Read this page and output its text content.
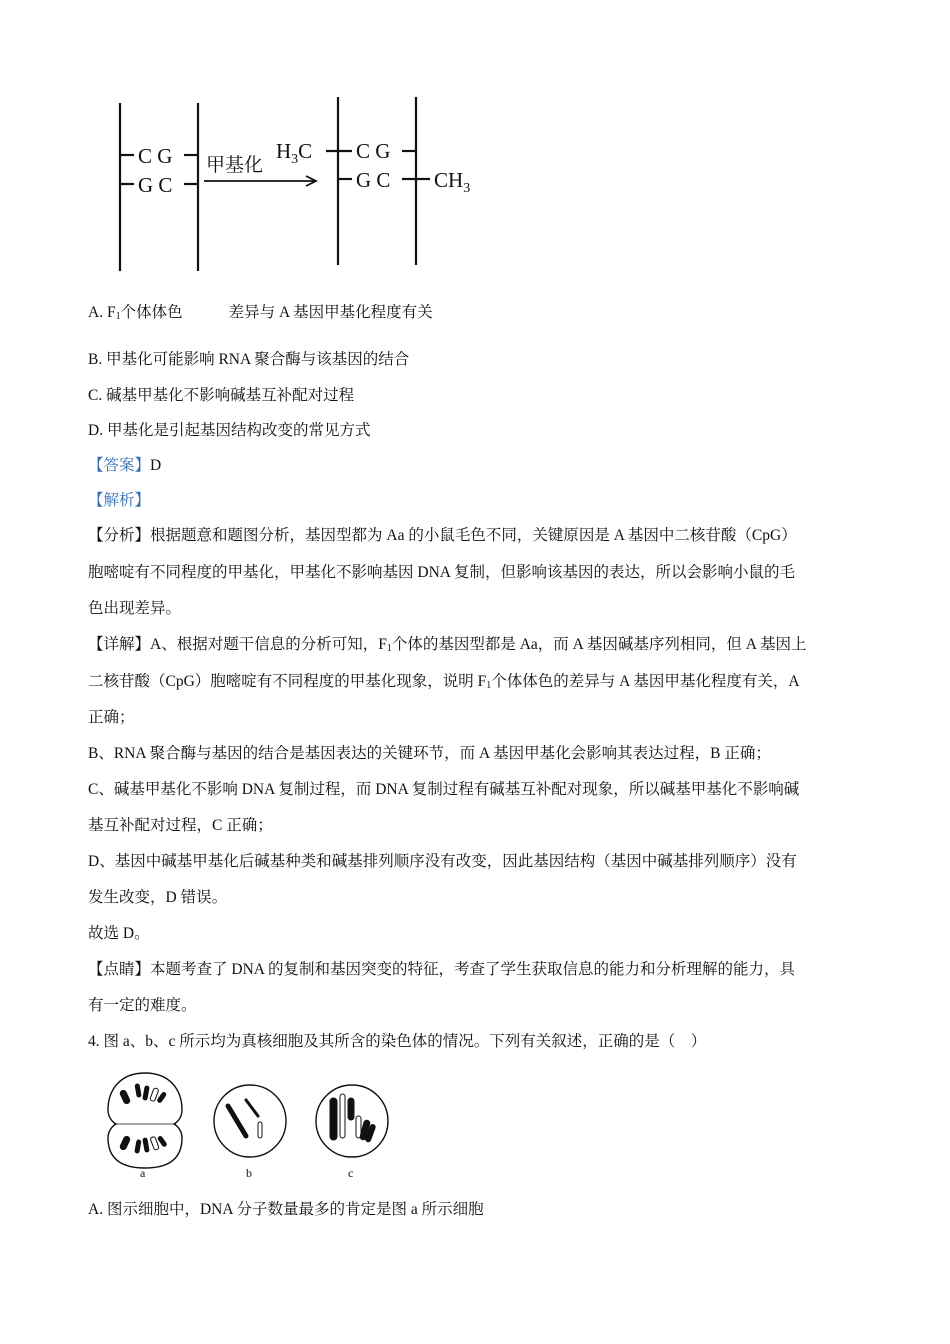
C G
G C
甲基化
$H_3C$ C G
G C $CH_3$
A. $F_1$个体体色	差异与 A 基因甲基化程度有关
B. 甲基化可能影响 RNA 聚合酶与该基因的结合
C. 碱基甲基化不影响碱基互补配对过程
D. 甲基化是引起基因结构改变的常见方式
【答案】D
【解析】
【分析】根据题意和题图分析，基因型都为 Aa 的小鼠毛色不同，关键原因是 A 基因中二核苷酸（CpG）
胞嘧啶有不同程度的甲基化，甲基化不影响基因 DNA 复制，但影响该基因的表达，所以会影响小鼠的毛
色出现差异。
【详解】A、根据对题干信息的分析可知，$F_1$个体的基因型都是 Aa，而 A 基因碱基序列相同，但 A 基因上
二核苷酸（CpG）胞嘧啶有不同程度的甲基化现象，说明 $F_1$个体体色的差异与 A 基因甲基化程度有关，A
正确；
B、RNA 聚合酶与基因的结合是基因表达的关键环节，而 A 基因甲基化会影响其表达过程，B 正确；
C、碱基甲基化不影响 DNA 复制过程，而 DNA 复制过程有碱基互补配对现象，所以碱基甲基化不影响碱
基互补配对过程，C 正确；
D、基因中碱基甲基化后碱基种类和碱基排列顺序没有改变，因此基因结构（基因中碱基排列顺序）没有
发生改变，D 错误。
故选 D。
【点睛】本题考查了 DNA 的复制和基因突变的特征，考查了学生获取信息的能力和分析理解的能力，具
有一定的难度。
4. 图 a、b、c 所示均为真核细胞及其所含的染色体的情况。下列有关叙述，正确的是（　）
a	b	c
A. 图示细胞中，DNA 分子数量最多的肯定是图 a 所示细胞
